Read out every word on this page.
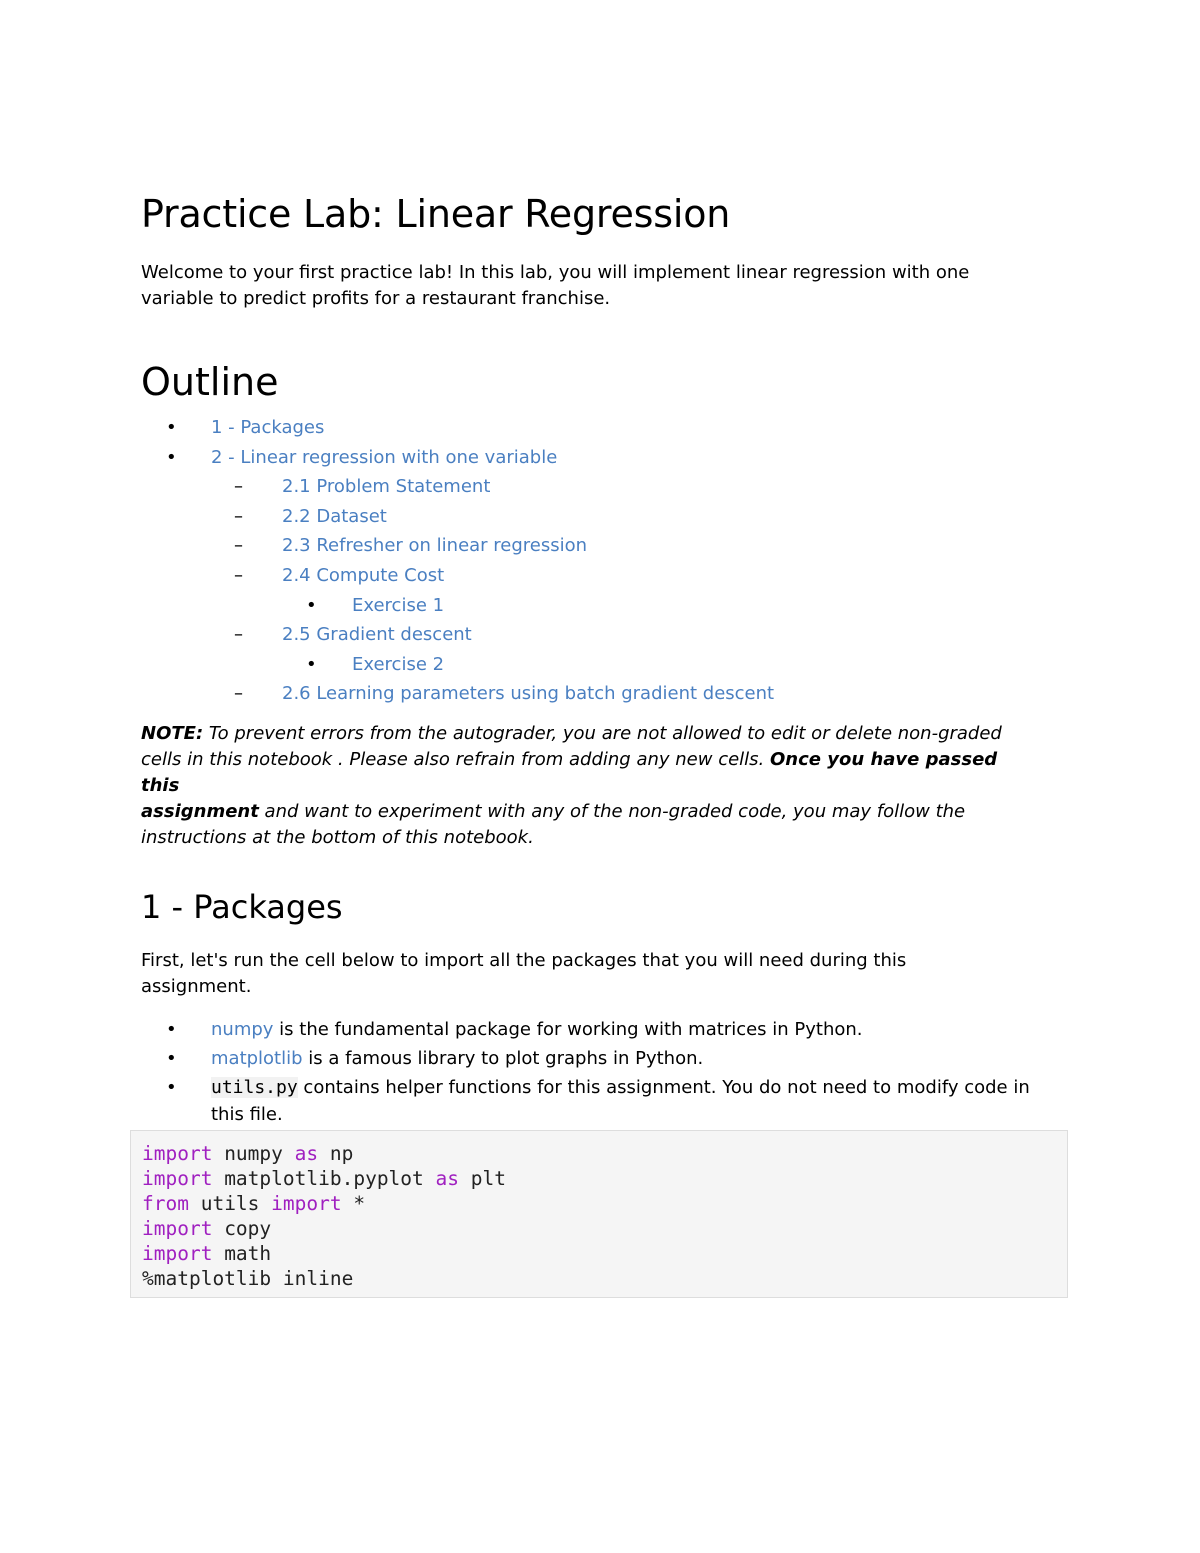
Practice Lab: Linear Regression

Welcome to your first practice lab! In this lab, you will implement linear regression with one
variable to predict profits for a restaurant franchise.

Outline
• 1 - Packages
• 2 - Linear regression with one variable
– 2.1 Problem Statement
– 2.2 Dataset
– 2.3 Refresher on linear regression
– 2.4 Compute Cost
• Exercise 1
– 2.5 Gradient descent
• Exercise 2
– 2.6 Learning parameters using batch gradient descent

NOTE: To prevent errors from the autograder, you are not allowed to edit or delete non-graded
cells in this notebook . Please also refrain from adding any new cells. Once you have passed this
assignment and want to experiment with any of the non-graded code, you may follow the
instructions at the bottom of this notebook.

1 - Packages

First, let's run the cell below to import all the packages that you will need during this
assignment.

• numpy is the fundamental package for working with matrices in Python.
• matplotlib is a famous library to plot graphs in Python.
• utils.py contains helper functions for this assignment. You do not need to modify code in this file.
import numpy as np
import matplotlib.pyplot as plt
from utils import *
import copy
import math
%matplotlib inline
